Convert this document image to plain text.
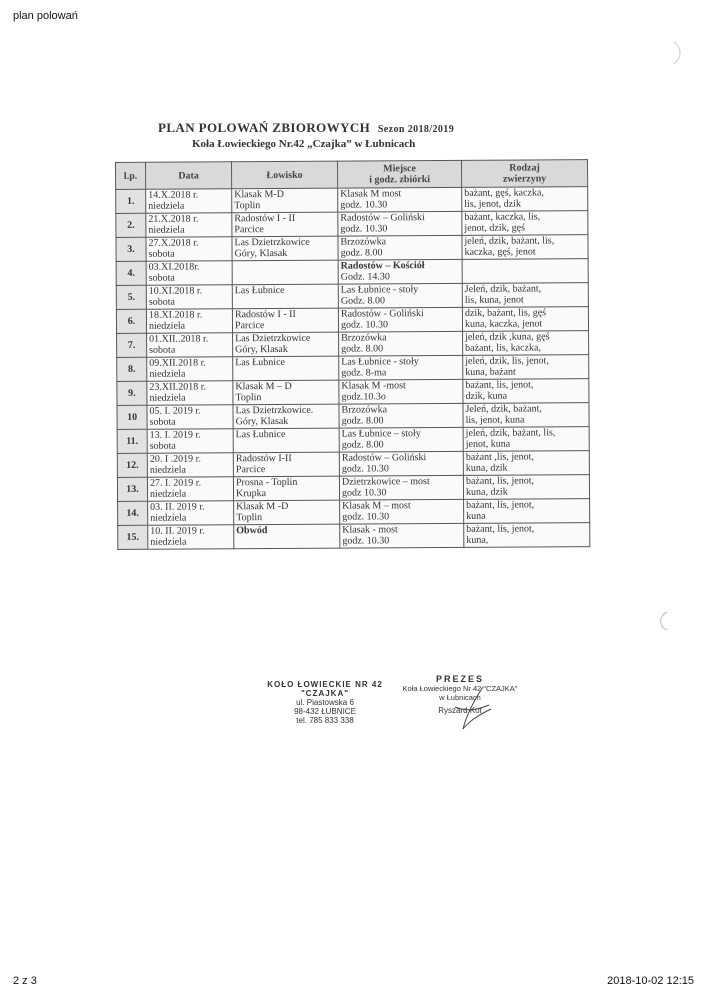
plan polowań
PLAN POLOWAŃ ZBIOROWYCH Sezon 2018/2019
Koła Łowieckiego Nr.42 „Czajka” w Łubnicach
l.p.	Data	Łowisko	Miejsce
i godz. zbiórki	Rodzaj
zwierzyny

1.	14.X.2018 r.
niedziela	Klasak M-D
Toplin	Klasak M most
godz. 10.30	bażant, gęś, kaczka,
lis, jenot, dzik

2.	21.X.2018 r.
niedziela	Radostów I - II
Parcice	Radostów – Goliński
godz. 10.30	bażant, kaczka, lis,
jenot, dzik, gęś

3.	27.X.2018 r.
sobota	Las Dzietrzkowice
Góry, Klasak	Brzozówka
godz. 8.00	jeleń, dzik, bażant, lis,
kaczka, gęś, jenot

4.	03.XI.2018r.
sobota		Radostów – Kościół
Godz. 14.30	

5.	10.XI.2018 r.
sobota	Las Łubnice	Las Łubnice - stoły
Godz. 8.00	Jeleń, dzik, bażant,
lis, kuna, jenot

6.	18.XI.2018 r.
niedziela	Radostów I - II
Parcice	Radostów - Goliński
godz. 10.30	dzik, bażant, lis, gęś
kuna, kaczka, jenot

7.	01.XII..2018 r.
sobota	Las Dzietrzkowice
Góry, Klasak	Brzozówka
godz. 8.00	jeleń, dzik ,kuna, gęś
bażant, lis, kaczka,

8.	09.XII.2018 r.
niedziela	Las Łubnice	Las Łubnice - stoły
godz. 8-ma	jeleń, dzik, lis, jenot,
kuna, bażant

9.	23.XII.2018 r.
niedziela	Klasak M – D
Toplin	Klasak M -most
godz.10.3o	bażant, lis, jenot,
dzik, kuna

10	05. I. 2019 r.
sobota	Las Dzietrzkowice.
Góry, Klasak	Brzozówka
godz. 8.00	Jeleń, dzik, bażant,
lis, jenot, kuna

11.	13. I. 2019 r.
sobota	Las Łubnice	Las Łubnice – stoły
godz. 8.00	jeleń, dzik, bażant, lis,
jenot, kuna

12.	20. I .2019 r.
niedziela	Radostów I-II
Parcice	Radostów – Goliński
godz. 10.30	bażant ,lis, jenot,
kuna, dzik

13.	27. I. 2019 r.
niedziela	Prosna - Toplin
Krupka	Dzietrzkowice – most
godz 10.30	bażant, lis, jenot,
kuna, dzik

14.	03. II. 2019 r.
niedziela	Klasak M -D
Toplin	Klasak M – most
godz. 10.30	bażant, lis, jenot,
kuna

15.	10. II. 2019 r.
niedziela	Obwód	Klasak - most
godz. 10.30	bażant, lis, jenot,
kuna,
KOŁO ŁOWIECKIE NR 42
"CZAJKA"
ul. Piastowska 6
98-432 ŁUBNICE
tel. 785 833 338
PREZES
Koła Łowieckiego Nr 42 "CZAJKA"
w Łubnicach
Ryszard Kot
2 z 3	2018-10-02 12:15
